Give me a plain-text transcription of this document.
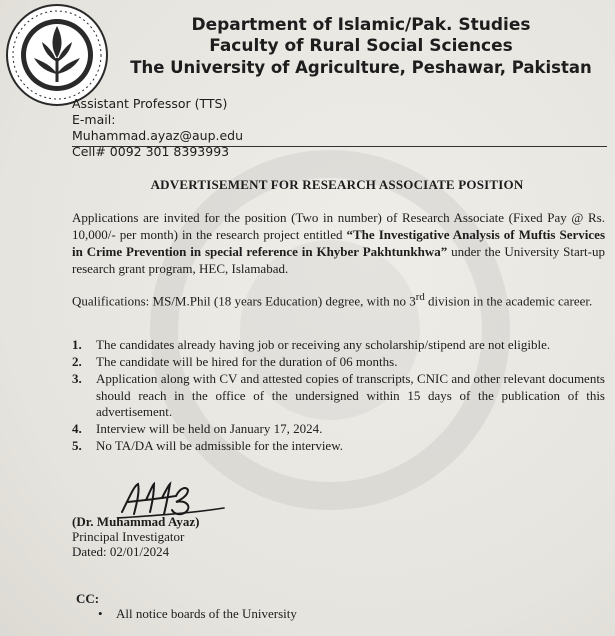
Department of Islamic/Pak. Studies
Faculty of Rural Social Sciences
The University of Agriculture, Peshawar, Pakistan
Assistant Professor (TTS)
E-mail: Muhammad.ayaz@aup.edu
Cell# 0092 301 8393993
ADVERTISEMENT FOR RESEARCH ASSOCIATE POSITION
Applications are invited for the position (Two in number) of Research Associate (Fixed Pay @ Rs. 10,000/- per month) in the research project entitled “The Investigative Analysis of Muftis Services in Crime Prevention in special reference in Khyber Pakhtunkhwa” under the University Start-up research grant program, HEC, Islamabad.
Qualifications: MS/M.Phil (18 years Education) degree, with no 3rd division in the academic career.
1. The candidates already having job or receiving any scholarship/stipend are not eligible.
2. The candidate will be hired for the duration of 06 months.
3. Application along with CV and attested copies of transcripts, CNIC and other relevant documents should reach in the office of the undersigned within 15 days of the publication of this advertisement.
4. Interview will be held on January 17, 2024.
5. No TA/DA will be admissible for the interview.
(Dr. Muhammad Ayaz)
Principal Investigator
Dated: 02/01/2024
CC:
• All notice boards of the University
